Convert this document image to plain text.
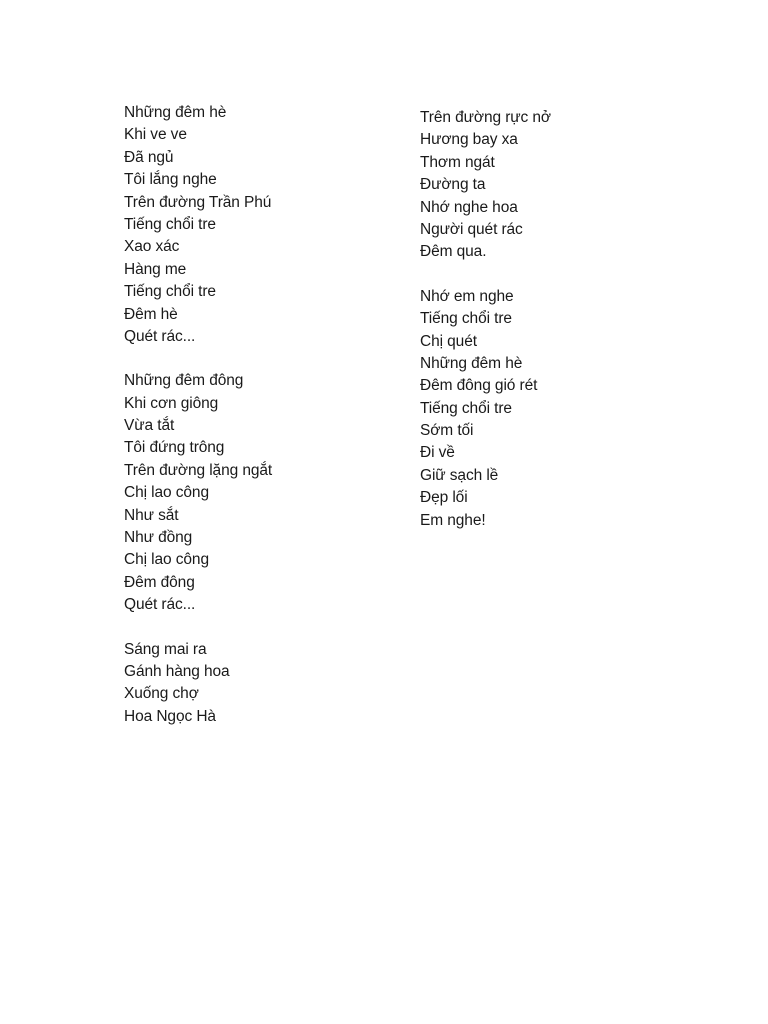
Những đêm hè
Khi ve ve
Đã ngủ
Tôi lắng nghe
Trên đường Trần Phú
Tiếng chổi tre
Xao xác
Hàng me
Tiếng chổi tre
Đêm hè
Quét rác...
Những đêm đông
Khi cơn giông
Vừa tắt
Tôi đứng trông
Trên đường lặng ngắt
Chị lao công
Như sắt
Như đồng
Chị lao công
Đêm đông
Quét rác...
Sáng mai ra
Gánh hàng hoa
Xuống chợ
Hoa Ngọc Hà
Trên đường rực nở
Hương bay xa
Thơm ngát
Đường ta
Nhớ nghe hoa
Người quét rác
Đêm qua.
Nhớ em nghe
Tiếng chổi tre
Chị quét
Những đêm hè
Đêm đông gió rét
Tiếng chổi tre
Sớm tối
Đi về
Giữ sạch lề
Đẹp lối
Em nghe!
